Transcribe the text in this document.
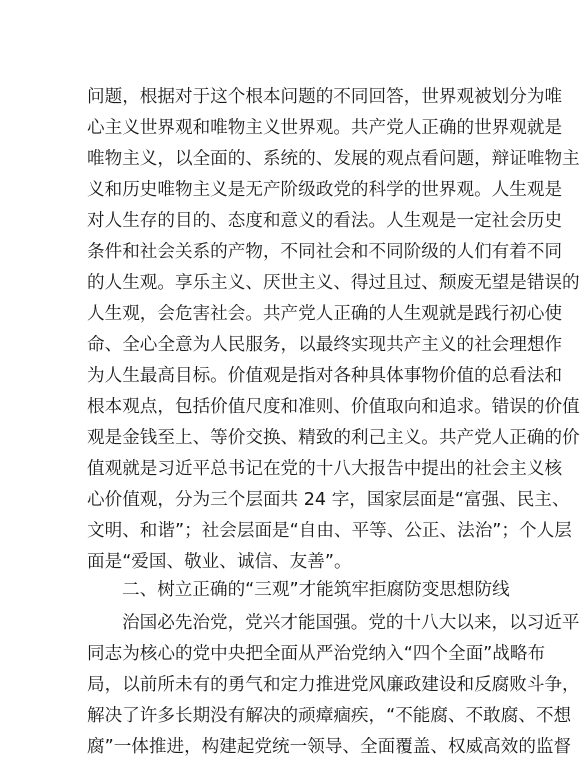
问题，根据对于这个根本问题的不同回答，世界观被划分为唯
心主义世界观和唯物主义世界观。共产党人正确的世界观就是
唯物主义，以全面的、系统的、发展的观点看问题，辩证唯物主
义和历史唯物主义是无产阶级政党的科学的世界观。人生观是
对人生存的目的、态度和意义的看法。人生观是一定社会历史
条件和社会关系的产物，不同社会和不同阶级的人们有着不同
的人生观。享乐主义、厌世主义、得过且过、颓废无望是错误的
人生观，会危害社会。共产党人正确的人生观就是践行初心使
命、全心全意为人民服务，以最终实现共产主义的社会理想作
为人生最高目标。价值观是指对各种具体事物价值的总看法和
根本观点，包括价值尺度和准则、价值取向和追求。错误的价值
观是金钱至上、等价交换、精致的利己主义。共产党人正确的价
值观就是习近平总书记在党的十八大报告中提出的社会主义核
心价值观，分为三个层面共 24 字，国家层面是“富强、民主、
文明、和谐”；社会层面是“自由、平等、公正、法治”；个人层
面是“爱国、敬业、诚信、友善”。
二、树立正确的“三观”才能筑牢拒腐防变思想防线
治国必先治党，党兴才能国强。党的十八大以来，以习近平
同志为核心的党中央把全面从严治党纳入“四个全面”战略布
局，以前所未有的勇气和定力推进党风廉政建设和反腐败斗争，
解决了许多长期没有解决的顽瘴痼疾，“不能腐、不敢腐、不想
腐”一体推进，构建起党统一领导、全面覆盖、权威高效的监督
